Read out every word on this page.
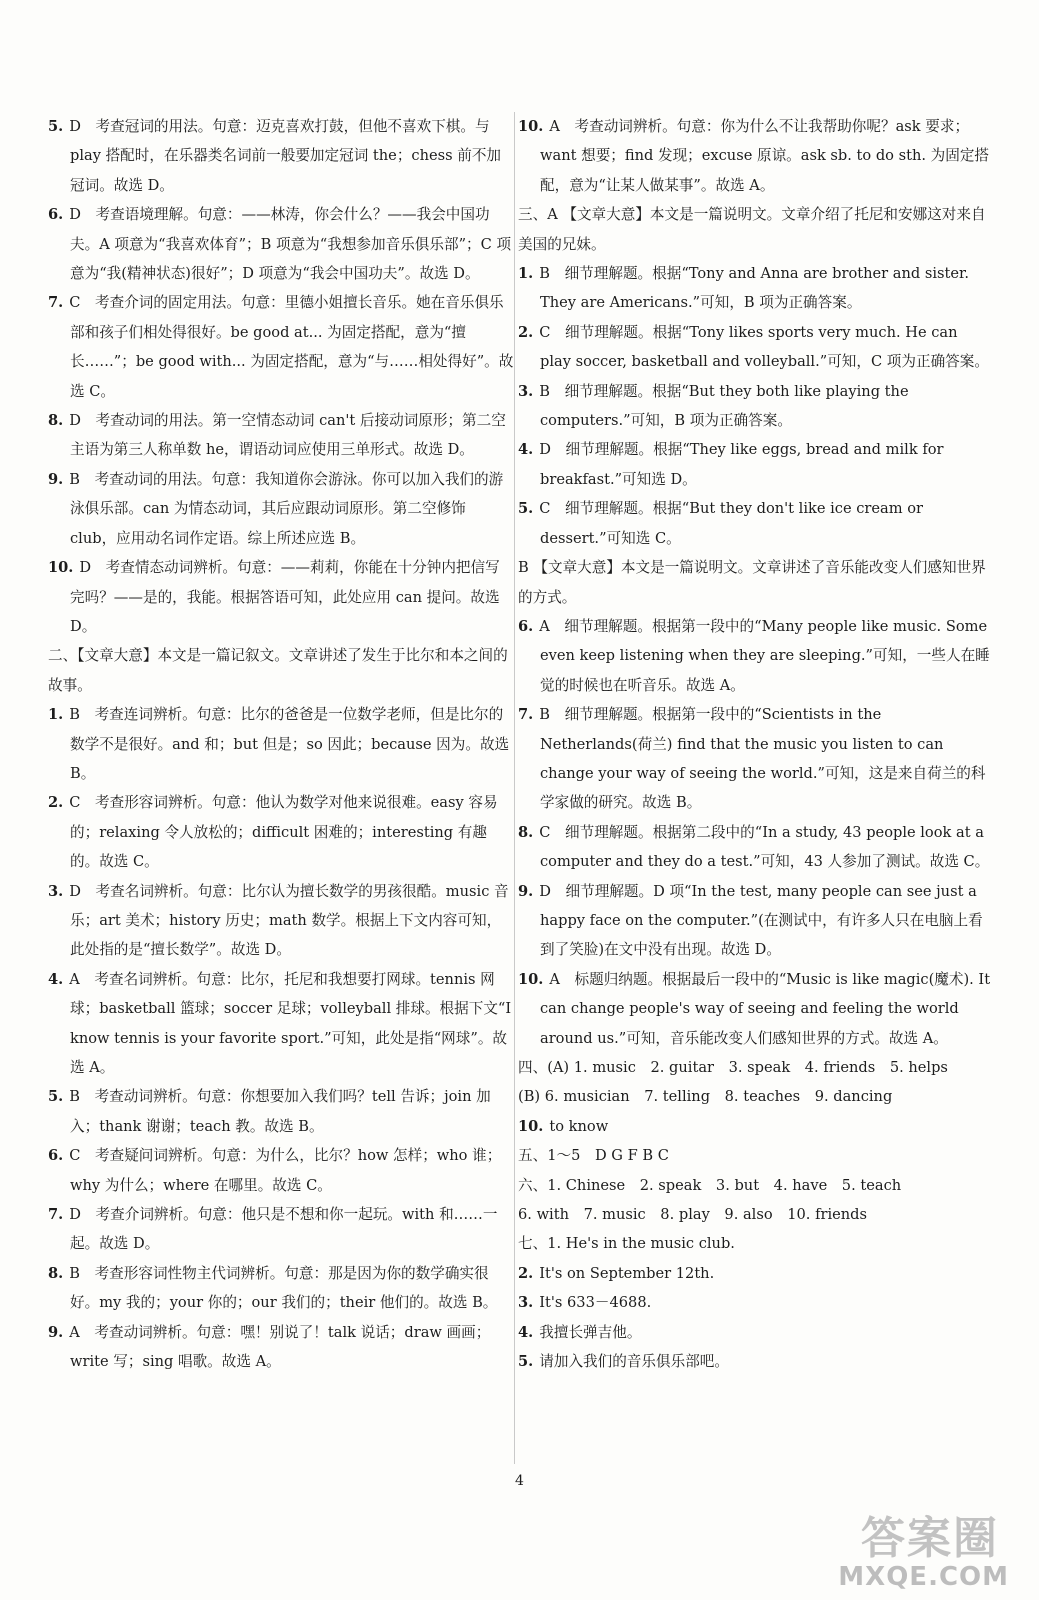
5. D　考查冠词的用法。句意：迈克喜欢打鼓，但他不喜欢下棋。与 play 搭配时，在乐器类名词前一般要加定冠词 the；chess 前不加冠词。故选 D。
6. D　考查语境理解。句意：——林涛，你会什么？——我会中国功夫。A 项意为“我喜欢体育”；B 项意为“我想参加音乐俱乐部”；C 项意为“我(精神状态)很好”；D 项意为“我会中国功夫”。故选 D。
7. C　考查介词的固定用法。句意：里德小姐擅长音乐。她在音乐俱乐部和孩子们相处得很好。be good at... 为固定搭配，意为“擅长……”；be good with... 为固定搭配，意为“与……相处得好”。故选 C。
8. D　考查动词的用法。第一空情态动词 can't 后接动词原形；第二空主语为第三人称单数 he，谓语动词应使用三单形式。故选 D。
9. B　考查动词的用法。句意：我知道你会游泳。你可以加入我们的游泳俱乐部。can 为情态动词，其后应跟动词原形。第二空修饰 club，应用动名词作定语。综上所述应选 B。
10. D　考查情态动词辨析。句意：——莉莉，你能在十分钟内把信写完吗？——是的，我能。根据答语可知，此处应用 can 提问。故选 D。
二、【文章大意】本文是一篇记叙文。文章讲述了发生于比尔和本之间的故事。
1. B　考查连词辨析。句意：比尔的爸爸是一位数学老师，但是比尔的数学不是很好。and 和；but 但是；so 因此；because 因为。故选 B。
2. C　考查形容词辨析。句意：他认为数学对他来说很难。easy 容易的；relaxing 令人放松的；difficult 困难的；interesting 有趣的。故选 C。
3. D　考查名词辨析。句意：比尔认为擅长数学的男孩很酷。music 音乐；art 美术；history 历史；math 数学。根据上下文内容可知，此处指的是“擅长数学”。故选 D。
4. A　考查名词辨析。句意：比尔，托尼和我想要打网球。tennis 网球；basketball 篮球；soccer 足球；volleyball 排球。根据下文“I know tennis is your favorite sport.”可知，此处是指“网球”。故选 A。
5. B　考查动词辨析。句意：你想要加入我们吗？tell 告诉；join 加入；thank 谢谢；teach 教。故选 B。
6. C　考查疑问词辨析。句意：为什么，比尔？how 怎样；who 谁；why 为什么；where 在哪里。故选 C。
7. D　考查介词辨析。句意：他只是不想和你一起玩。with 和……一起。故选 D。
8. B　考查形容词性物主代词辨析。句意：那是因为你的数学确实很好。my 我的；your 你的；our 我们的；their 他们的。故选 B。
9. A　考查动词辨析。句意：嘿！别说了！talk 说话；draw 画画；write 写；sing 唱歌。故选 A。
10. A　考查动词辨析。句意：你为什么不让我帮助你呢？ask 要求；want 想要；find 发现；excuse 原谅。ask sb. to do sth. 为固定搭配，意为“让某人做某事”。故选 A。
三、A 【文章大意】本文是一篇说明文。文章介绍了托尼和安娜这对来自美国的兄妹。
1. B　细节理解题。根据“Tony and Anna are brother and sister. They are Americans.”可知，B 项为正确答案。
2. C　细节理解题。根据“Tony likes sports very much. He can play soccer, basketball and volleyball.”可知，C 项为正确答案。
3. B　细节理解题。根据“But they both like playing the computers.”可知，B 项为正确答案。
4. D　细节理解题。根据“They like eggs, bread and milk for breakfast.”可知选 D。
5. C　细节理解题。根据“But they don't like ice cream or dessert.”可知选 C。
B 【文章大意】本文是一篇说明文。文章讲述了音乐能改变人们感知世界的方式。
6. A　细节理解题。根据第一段中的“Many people like music. Some even keep listening when they are sleeping.”可知，一些人在睡觉的时候也在听音乐。故选 A。
7. B　细节理解题。根据第一段中的“Scientists in the Netherlands(荷兰) find that the music you listen to can change your way of seeing the world.”可知，这是来自荷兰的科学家做的研究。故选 B。
8. C　细节理解题。根据第二段中的“In a study, 43 people look at a computer and they do a test.”可知，43 人参加了测试。故选 C。
9. D　细节理解题。D 项“In the test, many people can see just a happy face on the computer.”(在测试中，有许多人只在电脑上看到了笑脸)在文中没有出现。故选 D。
10. A　标题归纳题。根据最后一段中的“Music is like magic(魔术). It can change people's way of seeing and feeling the world around us.”可知，音乐能改变人们感知世界的方式。故选 A。
四、(A) 1. music　2. guitar　3. speak　4. friends　5. helps
(B) 6. musician　7. telling　8. teaches　9. dancing
10. to know
五、1～5　D G F B C
六、1. Chinese　2. speak　3. but　4. have　5. teach
6. with　7. music　8. play　9. also　10. friends
七、1. He's in the music club.
2. It's on September 12th.
3. It's 633－4688.
4. 我擅长弹吉他。
5. 请加入我们的音乐俱乐部吧。
4
答案圈
MXQE.COM
